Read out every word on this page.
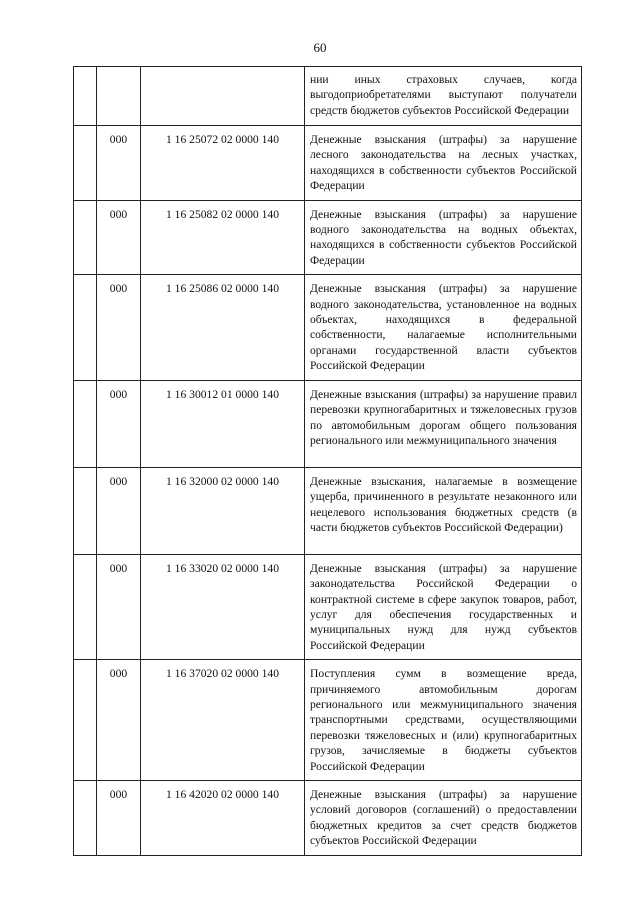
60
			нии иных страховых случаев, когда выгодоприобретателями выступают получатели средств бюджетов субъектов Российской Федерации
	000	1 16 25072 02 0000 140	Денежные взыскания (штрафы) за нарушение лесного законодательства на лесных участках, находящихся в собственности субъектов Российской Федерации
	000	1 16 25082 02 0000 140	Денежные взыскания (штрафы) за нарушение водного законодательства на водных объектах, находящихся в собственности субъектов Российской Федерации
	000	1 16 25086 02 0000 140	Денежные взыскания (штрафы) за нарушение водного законодательства, установленное на водных объектах, находящихся в федеральной собственности, налагаемые исполнительными органами государственной власти субъектов Российской Федерации
	000	1 16 30012 01 0000 140	Денежные взыскания (штрафы) за нарушение правил перевозки крупногабаритных и тяжеловесных грузов по автомобильным дорогам общего пользования регионального или межмуниципального значения
	000	1 16 32000 02 0000 140	Денежные взыскания, налагаемые в возмещение ущерба, причиненного в результате незаконного или нецелевого использования бюджетных средств (в части бюджетов субъектов Российской Федерации)
	000	1 16 33020 02 0000 140	Денежные взыскания (штрафы) за нарушение законодательства Российской Федерации о контрактной системе в сфере закупок товаров, работ, услуг для обеспечения государственных и муниципальных нужд для нужд субъектов Российской Федерации
	000	1 16 37020 02 0000 140	Поступления сумм в возмещение вреда, причиняемого автомобильным дорогам регионального или межмуниципального значения транспортными средствами, осуществляющими перевозки тяжеловесных и (или) крупногабаритных грузов, зачисляемые в бюджеты субъектов Российской Федерации
	000	1 16 42020 02 0000 140	Денежные взыскания (штрафы) за нарушение условий договоров (соглашений) о предоставлении бюджетных кредитов за счет средств бюджетов субъектов Российской Федерации
